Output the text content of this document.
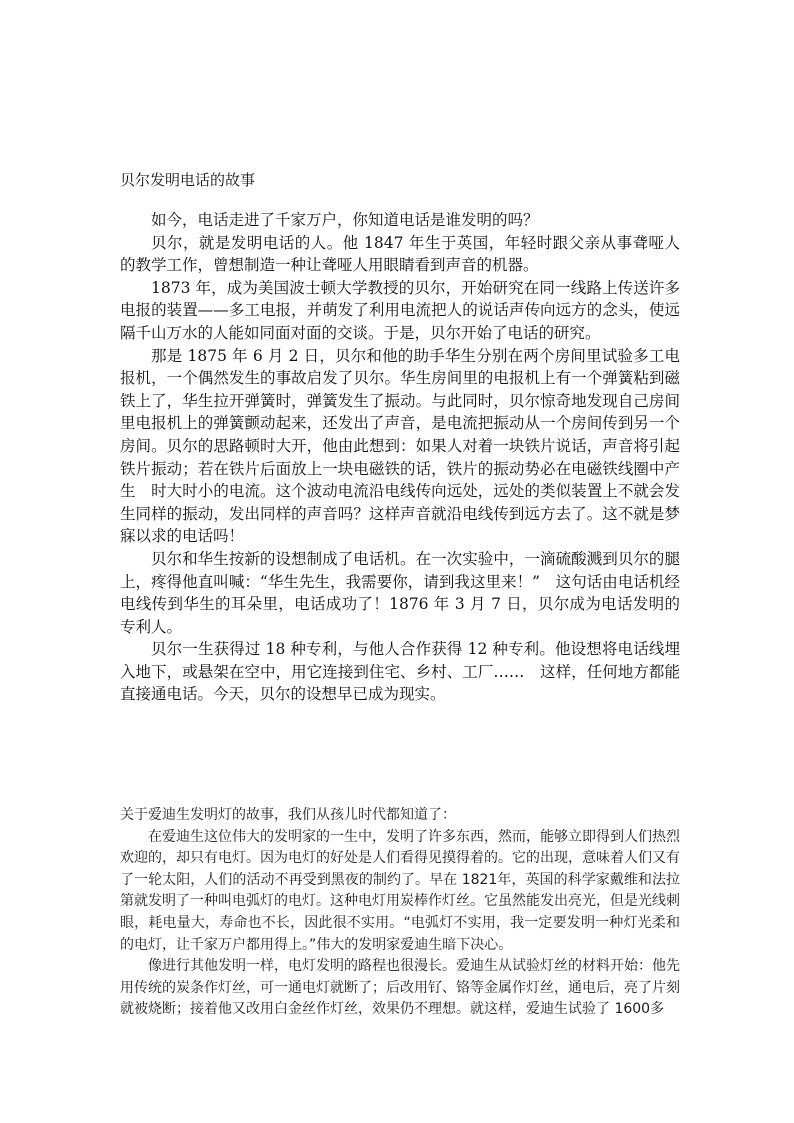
贝尔发明电话的故事

如今，电话走进了千家万户，你知道电话是谁发明的吗？

贝尔，就是发明电话的人。他 1847 年生于英国，年轻时跟父亲从事聋哑人的教学工作，曾想制造一种让聋哑人用眼睛看到声音的机器。

1873 年，成为美国波士顿大学教授的贝尔，开始研究在同一线路上传送许多电报的装置——多工电报，并萌发了利用电流把人的说话声传向远方的念头，使远隔千山万水的人能如同面对面的交谈。于是，贝尔开始了电话的研究。

那是 1875 年 6 月 2 日，贝尔和他的助手华生分别在两个房间里试验多工电报机，一个偶然发生的事故启发了贝尔。华生房间里的电报机上有一个弹簧粘到磁铁上了，华生拉开弹簧时，弹簧发生了振动。与此同时，贝尔惊奇地发现自己房间里电报机上的弹簧颤动起来，还发出了声音，是电流把振动从一个房间传到另一个房间。贝尔的思路顿时大开，他由此想到：如果人对着一块铁片说话，声音将引起铁片振动；若在铁片后面放上一块电磁铁的话，铁片的振动势必在电磁铁线圈中产生　时大时小的电流。这个波动电流沿电线传向远处，远处的类似装置上不就会发生同样的振动，发出同样的声音吗？这样声音就沿电线传到远方去了。这不就是梦寐以求的电话吗！

贝尔和华生按新的设想制成了电话机。在一次实验中，一滴硫酸溅到贝尔的腿上，疼得他直叫喊：“华生先生，我需要你，请到我这里来！”　这句话由电话机经电线传到华生的耳朵里，电话成功了！1876 年 3 月 7 日，贝尔成为电话发明的专利人。

贝尔一生获得过 18 种专利，与他人合作获得 12 种专利。他设想将电话线埋入地下，或悬架在空中，用它连接到住宅、乡村、工厂……　这样，任何地方都能直接通电话。今天，贝尔的设想早已成为现实。

关于爱迪生发明灯的故事，我们从孩儿时代都知道了：

在爱迪生这位伟大的发明家的一生中，发明了许多东西，然而，能够立即得到人们热烈欢迎的，却只有电灯。因为电灯的好处是人们看得见摸得着的。它的出现，意味着人们又有了一轮太阳，人们的活动不再受到黑夜的制约了。早在 1821年，英国的科学家戴维和法拉第就发明了一种叫电弧灯的电灯。这种电灯用炭棒作灯丝。它虽然能发出亮光，但是光线刺眼，耗电量大，寿命也不长，因此很不实用。“电弧灯不实用，我一定要发明一种灯光柔和的电灯，让千家万户都用得上。”伟大的发明家爱迪生暗下决心。

像进行其他发明一样，电灯发明的路程也很漫长。爱迪生从试验灯丝的材料开始：他先用传统的炭条作灯丝，可一通电灯就断了；后改用钌、铬等金属作灯丝，通电后，亮了片刻就被烧断；接着他又改用白金丝作灯丝，效果仍不理想。就这样，爱迪生试验了 1600多
